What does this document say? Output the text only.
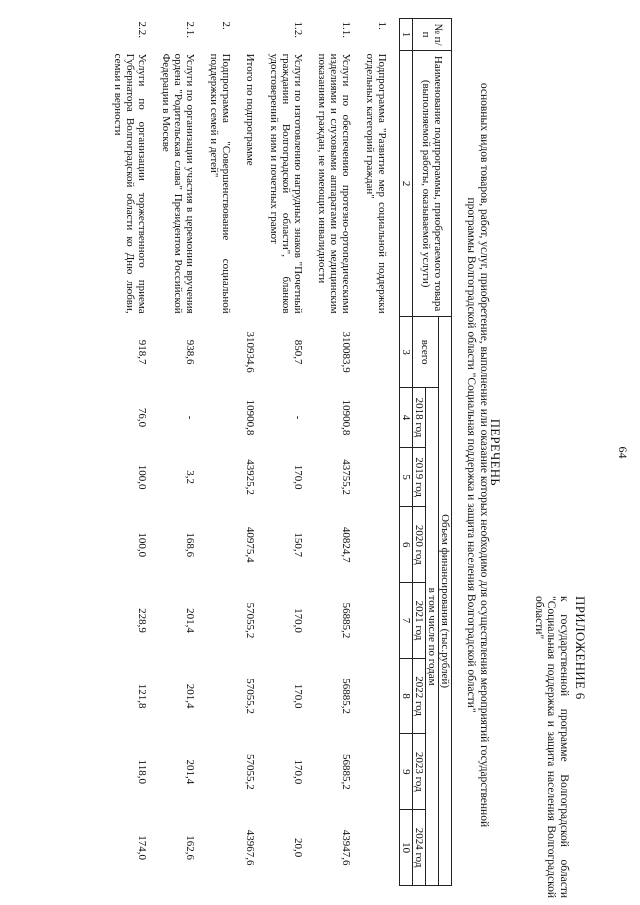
64
ПРИЛОЖЕНИЕ 6
к государственной программе Волгоградской области "Социальная поддержка и защита населения Волгоградской области"
ПЕРЕЧЕНЬ
основных видов товаров, работ, услуг, приобретение, выполнение или оказание которых необходимо для осуществления мероприятий государственной программы Волгоградской области "Социальная поддержка и защита населения Волгоградской области"
№ п/п	Наименование подпрограммы, приобретаемого товара (выполняемой работы, оказываемой услуги)	Объем финансирования (тыс.рублей)							
		всего	в том числе по годам						
			2018 год	2019 год	2020 год	2021 год	2022 год	2023 год	2024 год
1	2	3	4	5	6	7	8	9	10

1.	Подпрограмма "Развитие мер социальной поддержки отдельных категорий граждан"								

1.1.	Услуги по обеспечению протезно-ортопедическими изделиями и слуховыми аппаратами по медицинским показаниям граждан, не имеющих инвалидности	310083,9	10900,8	43755,2	40824,7	56885,2	56885,2	56885,2	43947,6

1.2.	Услуги по изготовлению нагрудных знаков "Почетный гражданин Волгоградской области", бланков удостоверений к ним и почетных грамот	850,7	-	170,0	150,7	170,0	170,0	170,0	20,0

	Итого по подпрограмме	310934,6	10900,8	43925,2	40975,4	57055,2	57055,2	57055,2	43967,6

2.	Подпрограмма "Совершенствование социальной поддержки семей и детей"								

2.1.	Услуги по организации участия в церемонии вручения ордена "Родительская слава" Президентом Российской Федерации в Москве	938,6	-	3,2	168,6	201,4	201,4	201,4	162,6

2.2.	Услуги по организации торжественного приема Губернатора Волгоградской области ко Дню любви, семьи и верности	918,7	76,0	100,0	100,0	228,9	121,8	118,0	174,0
